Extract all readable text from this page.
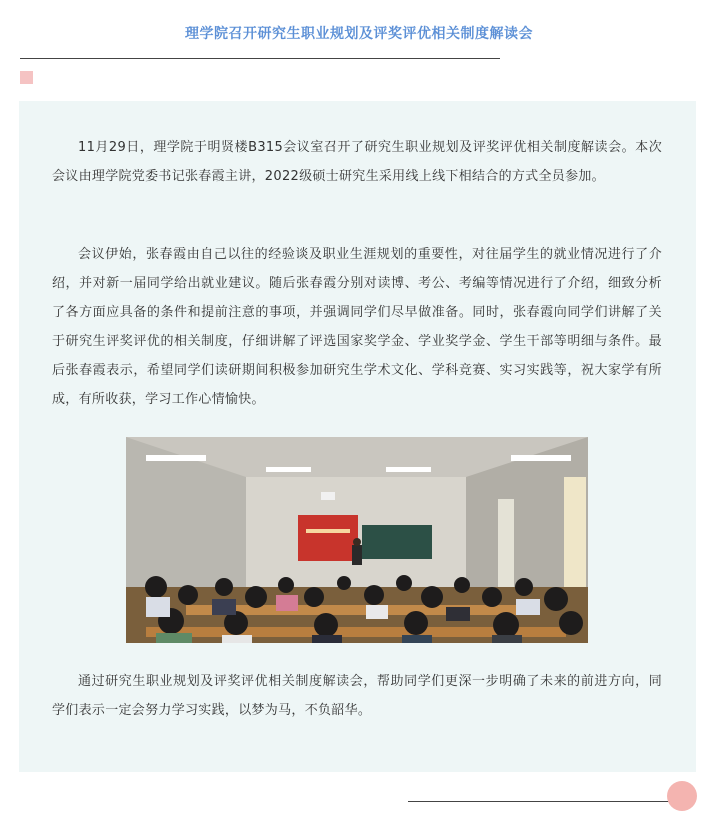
理学院召开研究生职业规划及评奖评优相关制度解读会

11月29日，理学院于明贤楼B315会议室召开了研究生职业规划及评奖评优相关制度解读会。本次会议由理学院党委书记张春霞主讲，2022级硕士研究生采用线上线下相结合的方式全员参加。

会议伊始，张春霞由自己以往的经验谈及职业生涯规划的重要性，对往届学生的就业情况进行了介绍，并对新一届同学给出就业建议。随后张春霞分别对读博、考公、考编等情况进行了介绍，细致分析了各方面应具备的条件和提前注意的事项，并强调同学们尽早做准备。同时，张春霞向同学们讲解了关于研究生评奖评优的相关制度，仔细讲解了评选国家奖学金、学业奖学金、学生干部等明细与条件。最后张春霞表示，希望同学们读研期间积极参加研究生学术文化、学科竞赛、实习实践等，祝大家学有所成，有所收获，学习工作心情愉快。

通过研究生职业规划及评奖评优相关制度解读会，帮助同学们更深一步明确了未来的前进方向，同学们表示一定会努力学习实践，以梦为马，不负韶华。
